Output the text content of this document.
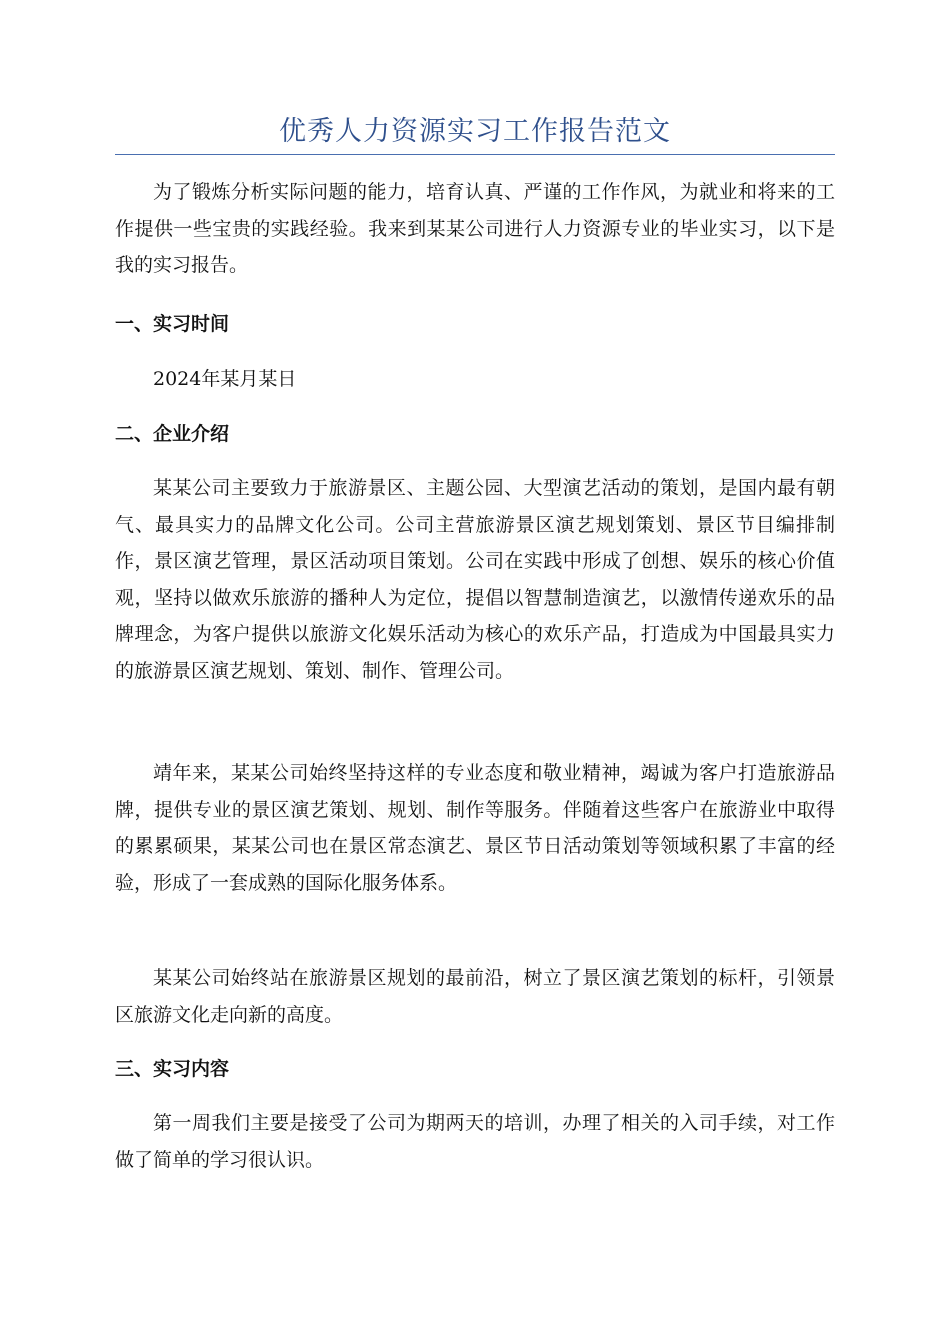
优秀人力资源实习工作报告范文

为了锻炼分析实际问题的能力，培育认真、严谨的工作作风，为就业和将来的工作提供一些宝贵的实践经验。我来到某某公司进行人力资源专业的毕业实习，以下是我的实习报告。

一、实习时间

2024年某月某日

二、企业介绍

某某公司主要致力于旅游景区、主题公园、大型演艺活动的策划，是国内最有朝气、最具实力的品牌文化公司。公司主营旅游景区演艺规划策划、景区节目编排制作，景区演艺管理，景区活动项目策划。公司在实践中形成了创想、娱乐的核心价值观，坚持以做欢乐旅游的播种人为定位，提倡以智慧制造演艺，以激情传递欢乐的品牌理念，为客户提供以旅游文化娱乐活动为核心的欢乐产品，打造成为中国最具实力的旅游景区演艺规划、策划、制作、管理公司。

靖年来，某某公司始终坚持这样的专业态度和敬业精神，竭诚为客户打造旅游品牌，提供专业的景区演艺策划、规划、制作等服务。伴随着这些客户在旅游业中取得的累累硕果，某某公司也在景区常态演艺、景区节日活动策划等领域积累了丰富的经验，形成了一套成熟的国际化服务体系。

某某公司始终站在旅游景区规划的最前沿，树立了景区演艺策划的标杆，引领景区旅游文化走向新的高度。

三、实习内容

第一周我们主要是接受了公司为期两天的培训，办理了相关的入司手续，对工作做了简单的学习很认识。
